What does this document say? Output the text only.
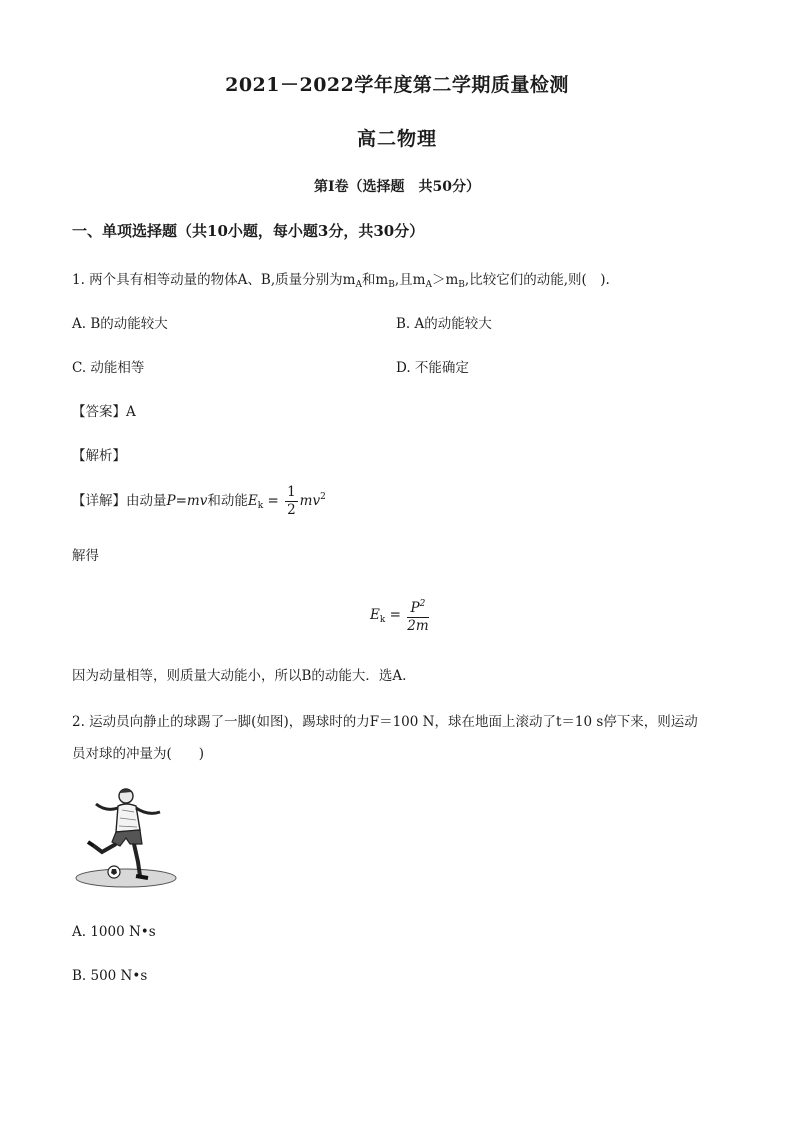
2021－2022学年度第二学期质量检测
高二物理
第Ⅰ卷（选择题　共50分）
一、单项选择题（共10小题，每小题3分，共30分）
1. 两个具有相等动量的物体A、B,质量分别为$m_A$和$m_B$,且$m_A>m_B$,比较它们的动能,则(　).
A. B的动能较大	B. A的动能较大
C. 动能相等	D. 不能确定
【答案】A
【解析】
【详解】由动量P=mv和动能$E_k = \frac{1}{2} mv^2$
解得
$E_k = \frac{P^2}{2m}$
因为动量相等，则质量大动能小，所以B的动能大．选A.
2. 运动员向静止的球踢了一脚(如图)，踢球时的力F＝100 N，球在地面上滚动了t＝10 s停下来，则运动
员对球的冲量为(　　)
A. 1000 N•s
B. 500 N•s
